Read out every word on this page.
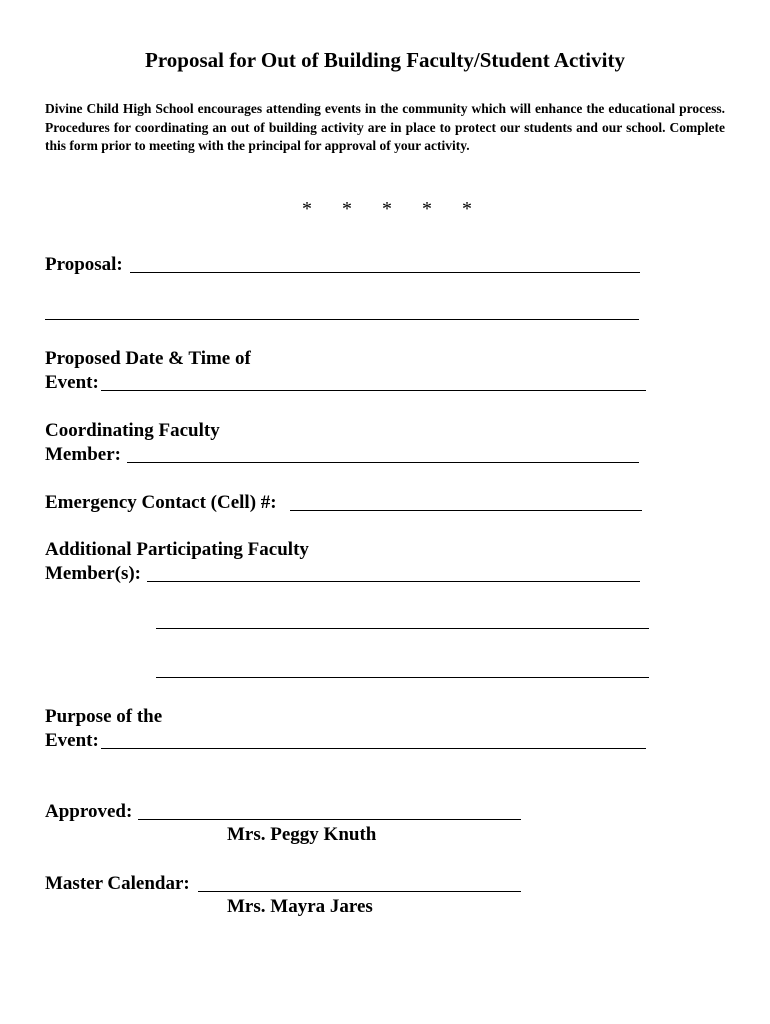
Proposal for Out of Building Faculty/Student Activity
Divine Child High School encourages attending events in the community which will enhance the educational process. Procedures for coordinating an out of building activity are in place to protect our students and our school. Complete this form prior to meeting with the principal for approval of your activity.
* * * * *
Proposal:
Proposed Date & Time of
Event:
Coordinating Faculty
Member:
Emergency Contact (Cell) #:
Additional Participating Faculty
Member(s):
Purpose of the
Event:
Approved:
Mrs. Peggy Knuth
Master Calendar:
Mrs. Mayra Jares
